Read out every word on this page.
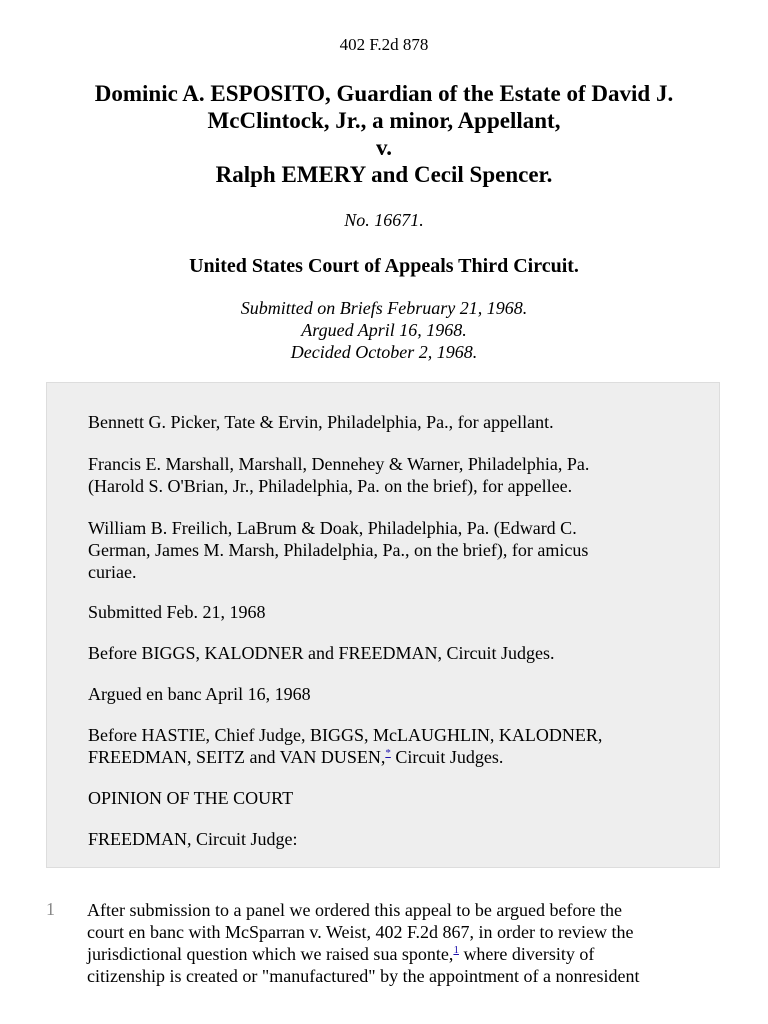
402 F.2d 878
Dominic A. ESPOSITO, Guardian of the Estate of David J.
McClintock, Jr., a minor, Appellant,
v.
Ralph EMERY and Cecil Spencer.
No. 16671.
United States Court of Appeals Third Circuit.
Submitted on Briefs February 21, 1968.
Argued April 16, 1968.
Decided October 2, 1968.

Bennett G. Picker, Tate & Ervin, Philadelphia, Pa., for appellant.

Francis E. Marshall, Marshall, Dennehey & Warner, Philadelphia, Pa.
(Harold S. O'Brian, Jr., Philadelphia, Pa. on the brief), for appellee.

William B. Freilich, LaBrum & Doak, Philadelphia, Pa. (Edward C.
German, James M. Marsh, Philadelphia, Pa., on the brief), for amicus
curiae.

Submitted Feb. 21, 1968

Before BIGGS, KALODNER and FREEDMAN, Circuit Judges.

Argued en banc April 16, 1968

Before HASTIE, Chief Judge, BIGGS, McLAUGHLIN, KALODNER,
FREEDMAN, SEITZ and VAN DUSEN,* Circuit Judges.

OPINION OF THE COURT

FREEDMAN, Circuit Judge:

1 After submission to a panel we ordered this appeal to be argued before the
court en banc with McSparran v. Weist, 402 F.2d 867, in order to review the
jurisdictional question which we raised sua sponte,$^1$ where diversity of
citizenship is created or "manufactured" by the appointment of a nonresident
